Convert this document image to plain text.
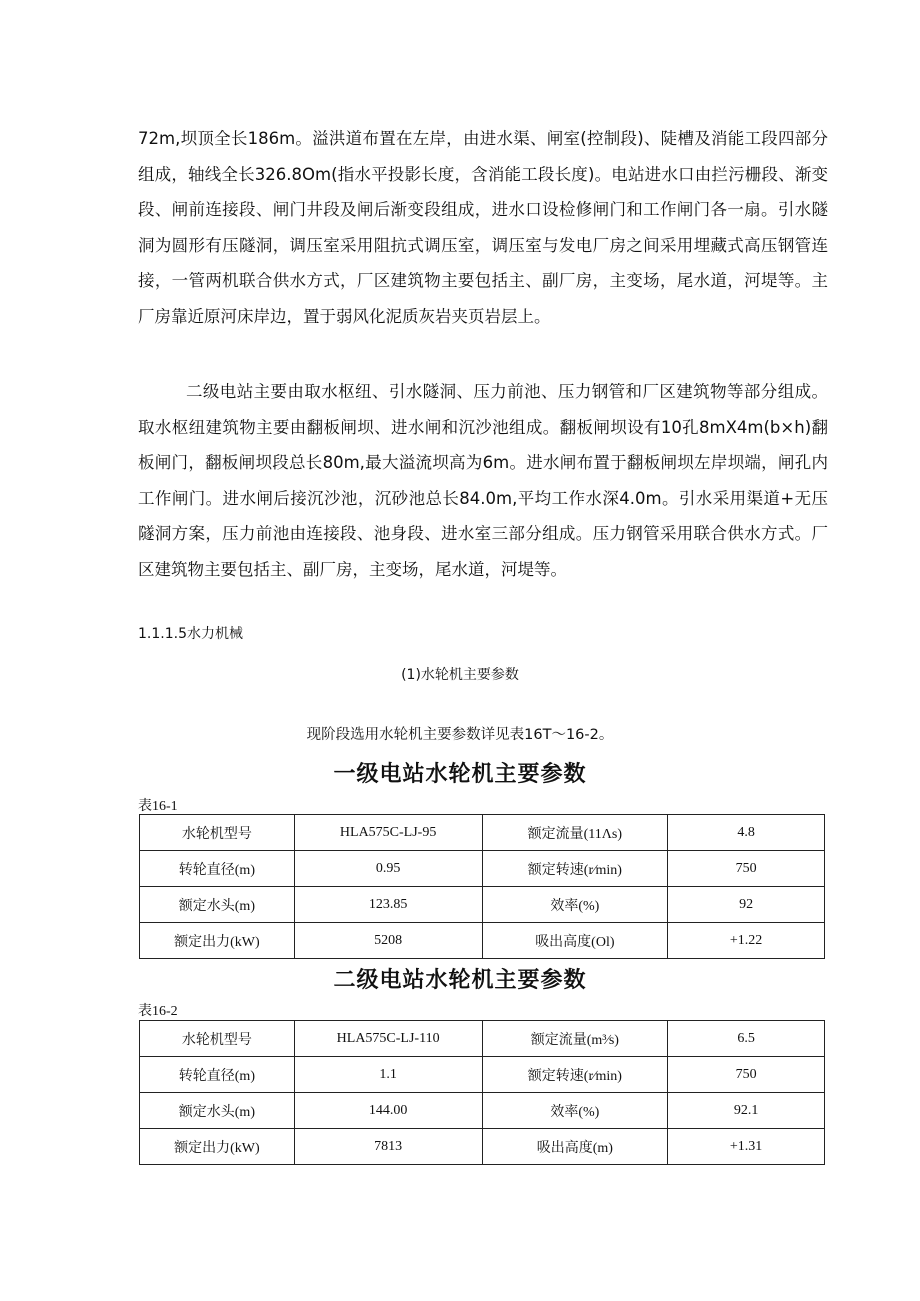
72m,坝顶全长186m。溢洪道布置在左岸，由进水渠、闸室(控制段)、陡槽及消能工段四部分组成，轴线全长326.8Om(指水平投影长度，含消能工段长度)。电站进水口由拦污栅段、渐变段、闸前连接段、闸门井段及闸后渐变段组成，进水口设检修闸门和工作闸门各一扇。引水隧洞为圆形有压隧洞，调压室采用阻抗式调压室，调压室与发电厂房之间采用埋藏式高压钢管连接，一管两机联合供水方式，厂区建筑物主要包括主、副厂房，主变场，尾水道，河堤等。主厂房靠近原河床岸边，置于弱风化泥质灰岩夹页岩层上。

二级电站主要由取水枢纽、引水隧洞、压力前池、压力钢管和厂区建筑物等部分组成。取水枢纽建筑物主要由翻板闸坝、进水闸和沉沙池组成。翻板闸坝设有10孔8mX4m(b×h)翻板闸门，翻板闸坝段总长80m,最大溢流坝高为6m。进水闸布置于翻板闸坝左岸坝端，闸孔内工作闸门。进水闸后接沉沙池，沉砂池总长84.0m,平均工作水深4.0m。引水采用渠道+无压隧洞方案，压力前池由连接段、池身段、进水室三部分组成。压力钢管采用联合供水方式。厂区建筑物主要包括主、副厂房，主变场，尾水道，河堤等。

1.1.1.5水力机械

(1)水轮机主要参数

现阶段选用水轮机主要参数详见表16T～16-2。

一级电站水轮机主要参数

表16-1

水轮机型号	HLA575C-LJ-95	额定流量(11Λs)	4.8
转轮直径(m)	0.95	额定转速(r∕min)	750
额定水头(m)	123.85	效率(%)	92
额定出力(kW)	5208	吸出高度(Ol)	+1.22

二级电站水轮机主要参数

表16-2

水轮机型号	HLA575C-LJ-110	额定流量(m³∕s)	6.5
转轮直径(m)	1.1	额定转速(r∕min)	750
额定水头(m)	144.00	效率(%)	92.1
额定出力(kW)	7813	吸出高度(m)	+1.31
